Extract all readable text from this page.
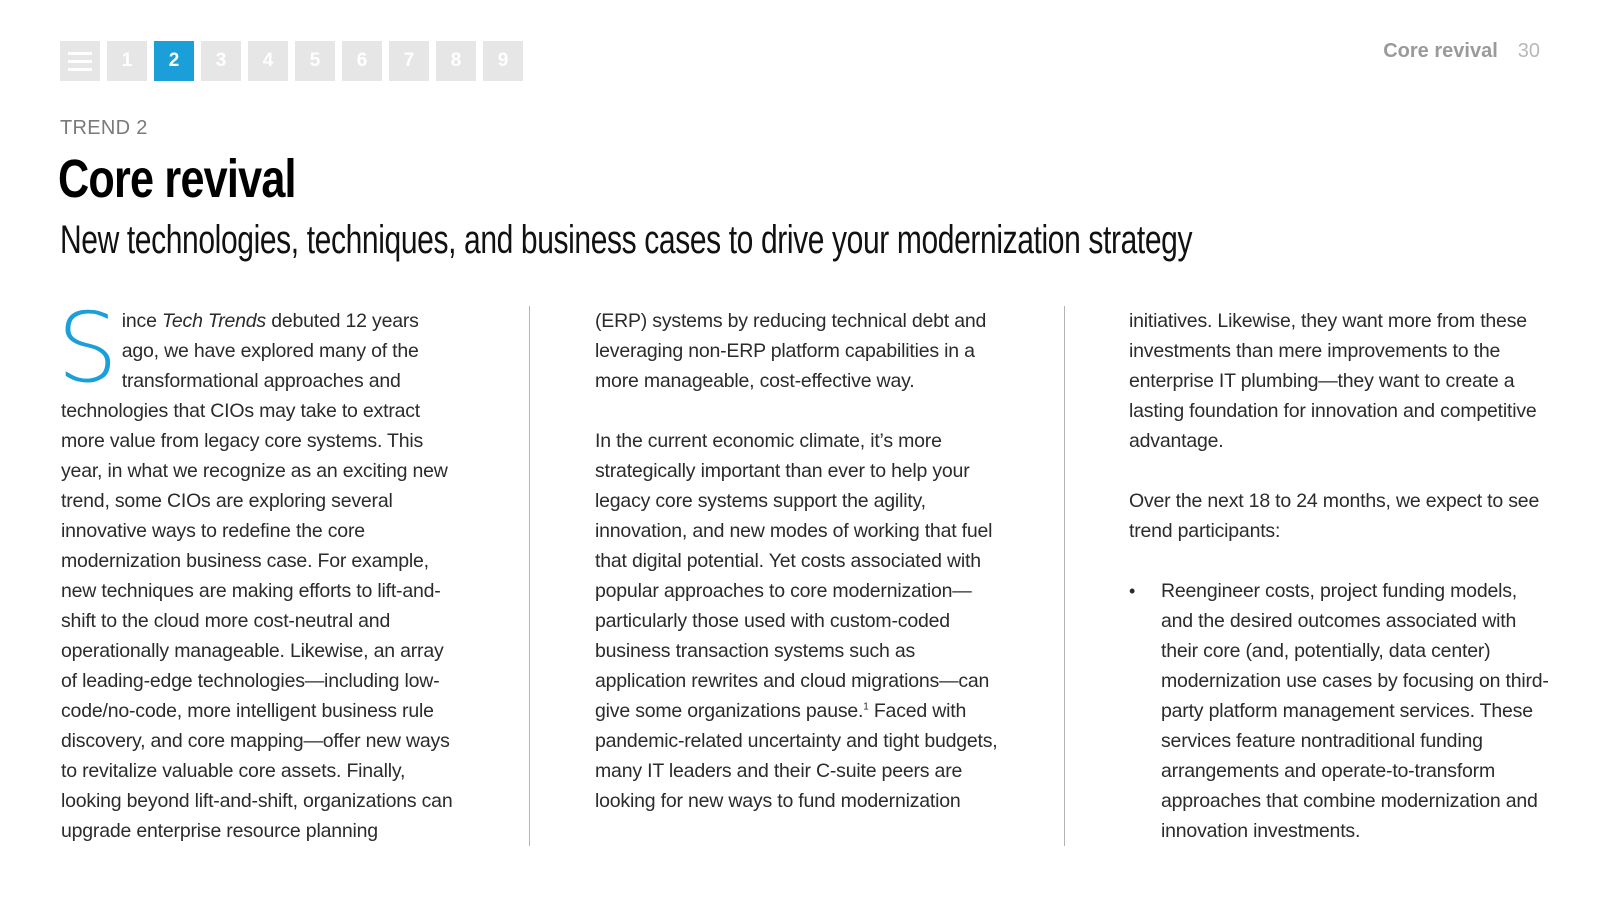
1	2	3	4	5	6	7	8	9	Core revival 30
TREND 2
Core revival
New technologies, techniques, and business cases to drive your modernization strategy

Since Tech Trends debuted 12 years ago, we have explored many of the transformational approaches and technologies that CIOs may take to extract more value from legacy core systems. This year, in what we recognize as an exciting new trend, some CIOs are exploring several innovative ways to redefine the core modernization business case. For example, new techniques are making efforts to lift-and-shift to the cloud more cost-neutral and operationally manageable. Likewise, an array of leading-edge technologies—including low-code/no-code, more intelligent business rule discovery, and core mapping—offer new ways to revitalize valuable core assets. Finally, looking beyond lift-and-shift, organizations can upgrade enterprise resource planning

(ERP) systems by reducing technical debt and leveraging non-ERP platform capabilities in a more manageable, cost-effective way.

In the current economic climate, it’s more strategically important than ever to help your legacy core systems support the agility, innovation, and new modes of working that fuel that digital potential. Yet costs associated with popular approaches to core modernization—particularly those used with custom-coded business transaction systems such as application rewrites and cloud migrations—can give some organizations pause.$^1$ Faced with pandemic-related uncertainty and tight budgets, many IT leaders and their C-suite peers are looking for new ways to fund modernization

initiatives. Likewise, they want more from these investments than mere improvements to the enterprise IT plumbing—they want to create a lasting foundation for innovation and competitive advantage.

Over the next 18 to 24 months, we expect to see trend participants:

• Reengineer costs, project funding models, and the desired outcomes associated with their core (and, potentially, data center) modernization use cases by focusing on third-party platform management services. These services feature nontraditional funding arrangements and operate-to-transform approaches that combine modernization and innovation investments.
